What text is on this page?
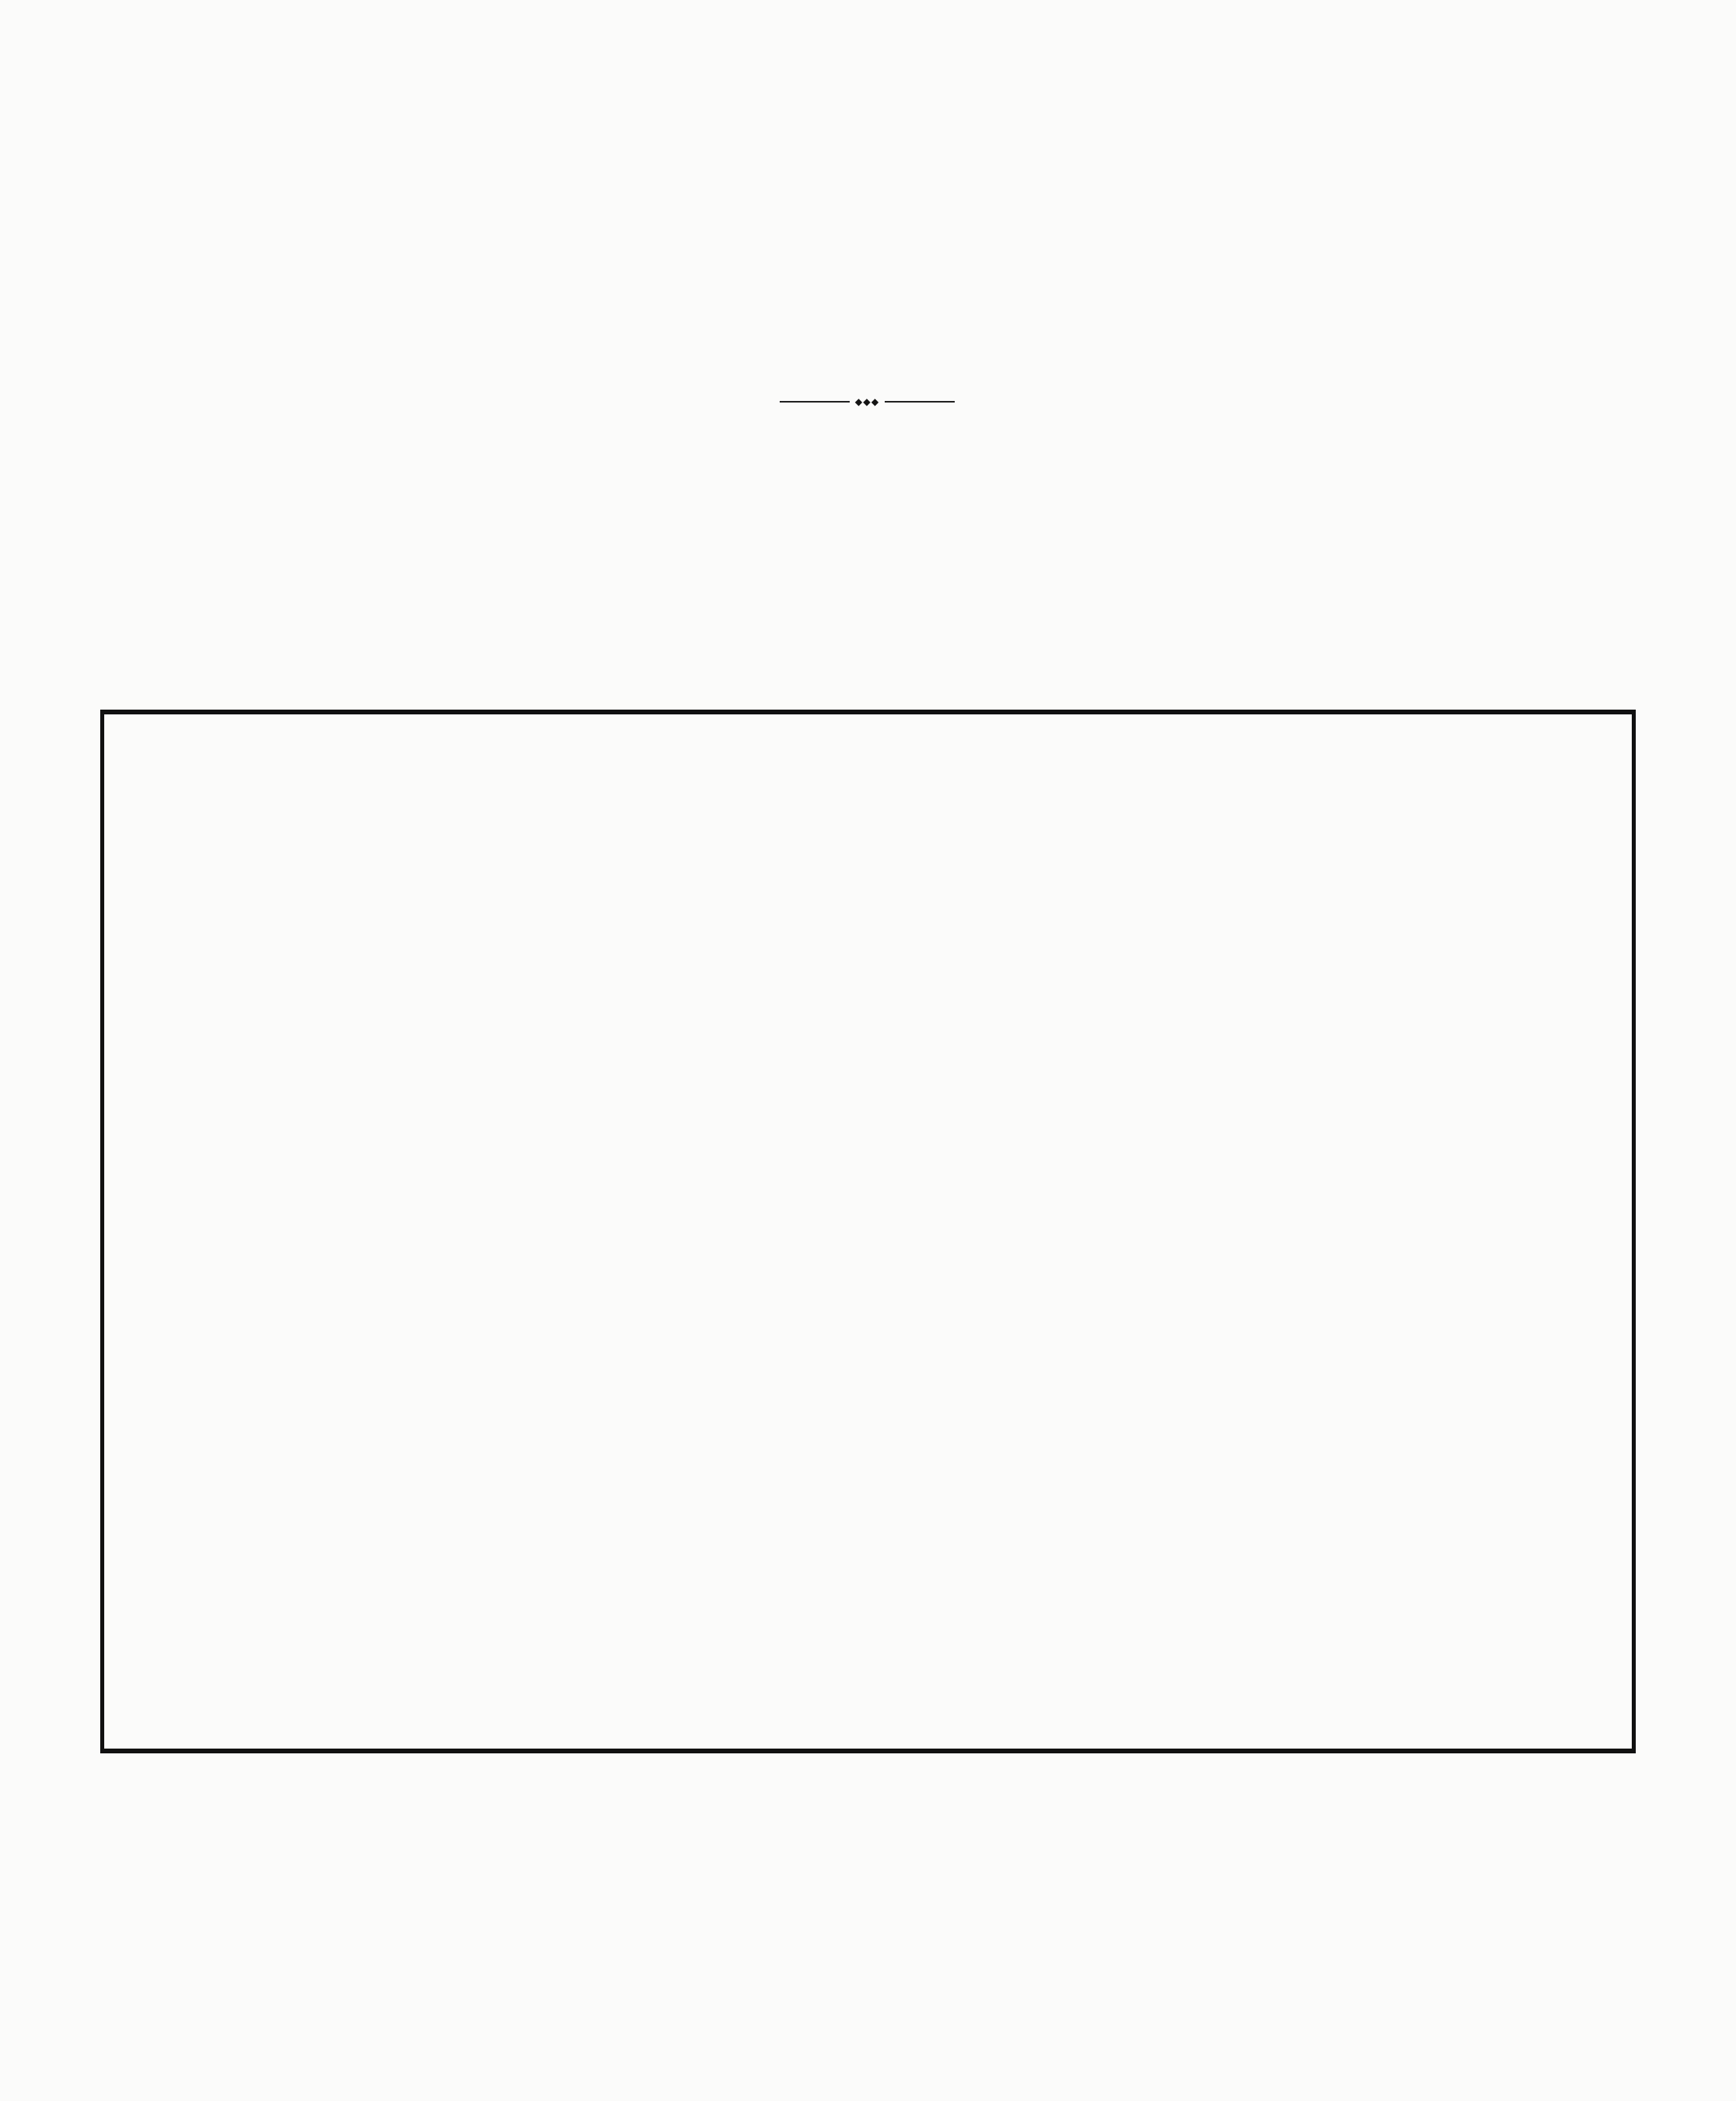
◆◆◆
